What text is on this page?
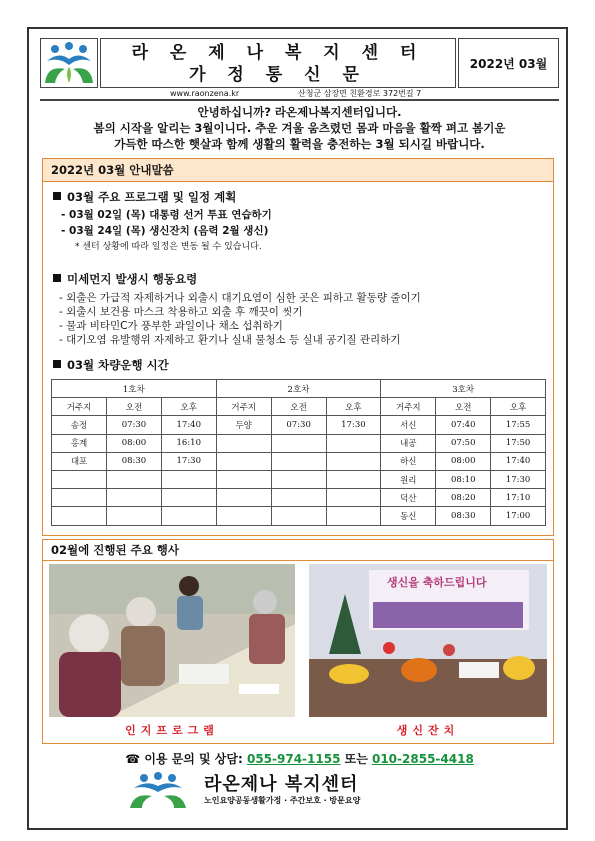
라 온 제 나 복 지 센 터
가 정 통 신 문
2022년 03월
www.raonzena.kr	산청군 삼장면 친환경로 372번길 7
안녕하십니까? 라온제나복지센터입니다.
봄의 시작을 알리는 3월이니다. 추운 겨울 움츠렸던 몸과 마음을 활짝 펴고 봄기운
가득한 따스한 햇살과 함께 생활의 활력을 충전하는 3월 되시길 바랍니다.
2022년 03월 안내말씀
03월 주요 프로그램 및 일정 계획
- 03월 02일 (목) 대통령 선거 투표 연습하기
- 03월 24일 (목) 생신잔치 (음력 2월 생신)
* 센터 상황에 따라 일정은 변동 될 수 있습니다.
미세먼지 발생시 행동요령
- 외출은 가급적 자제하거나 외출시 대기요염이 심한 곳은 피하고 활동량 줄이기
- 외출시 보건용 마스크 착용하고 외출 후 깨끗이 씻기
- 물과 비타민C가 풍부한 과일이나 채소 섭취하기
- 대기오염 유발행위 자제하고 환기나 실내 물청소 등 실내 공기질 관리하기
03월 차량운행 시간
1호차			2호차			3호차		
거주지	오전	오후	거주지	오전	오후	거주지	오전	오후
송정	07:30	17:40	두양	07:30	17:30	서신	07:40	17:55
홍계	08:00	16:10				내공	07:50	17:50
대포	08:30	17:30				하신	08:00	17:40
						원리	08:10	17:30
						덕산	08:20	17:10
						동신	08:30	17:00
02월에 진행된 주요 행사
생신을 축하드립니다
인지프로그램	생신잔치
☎ 이용 문의 및 상담: 055-974-1155 또는 010-2855-4418
라온제나 복지센터
노인요양공동생활가정 · 주간보호 · 방문요양
